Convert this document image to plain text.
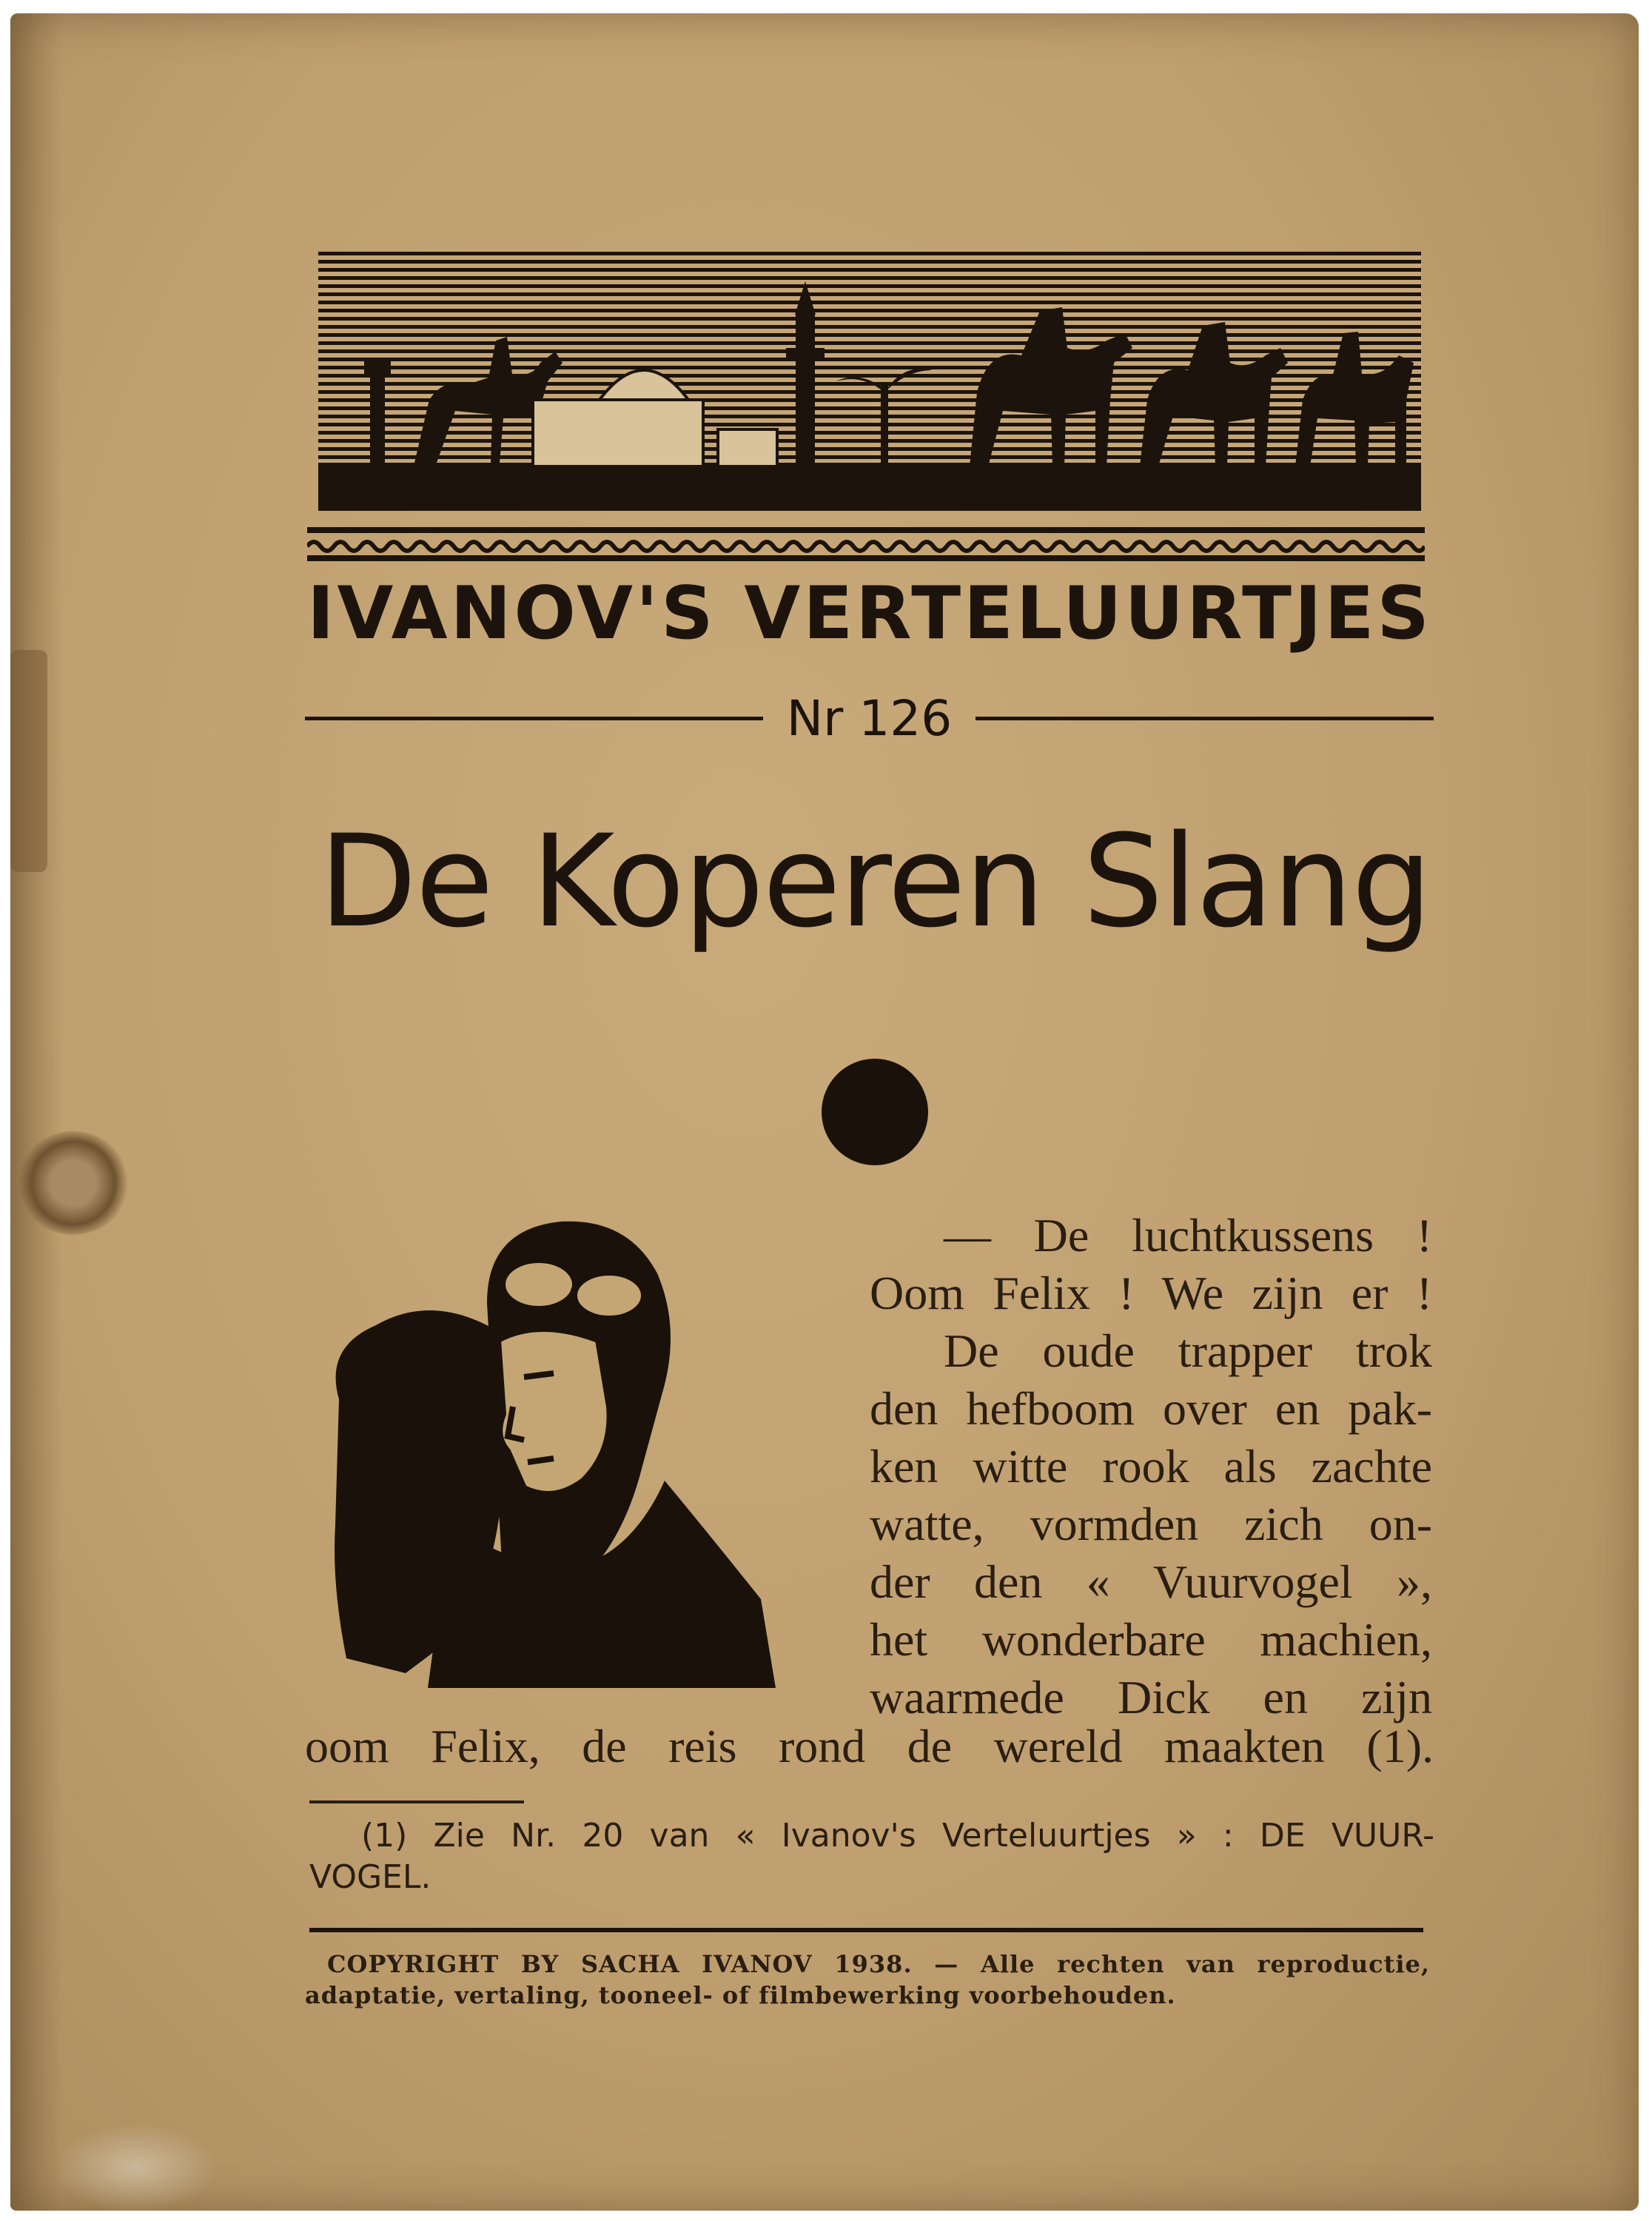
IVANOV'S VERTELUURTJES
Nr 126
De Koperen Slang
— De luchtkussens !
Oom Felix ! We zijn er !
De oude trapper trok
den hefboom over en pak-
ken witte rook als zachte
watte, vormden zich on-
der den « Vuurvogel »,
het wonderbare machien,
waarmede Dick en zijn
oom Felix, de reis rond de wereld maakten (1).
(1) Zie Nr. 20 van « Ivanov's Verteluurtjes » : DE VUUR-
VOGEL.
COPYRIGHT BY SACHA IVANOV 1938. — Alle rechten van reproductie,
adaptatie, vertaling, tooneel- of filmbewerking voorbehouden.
